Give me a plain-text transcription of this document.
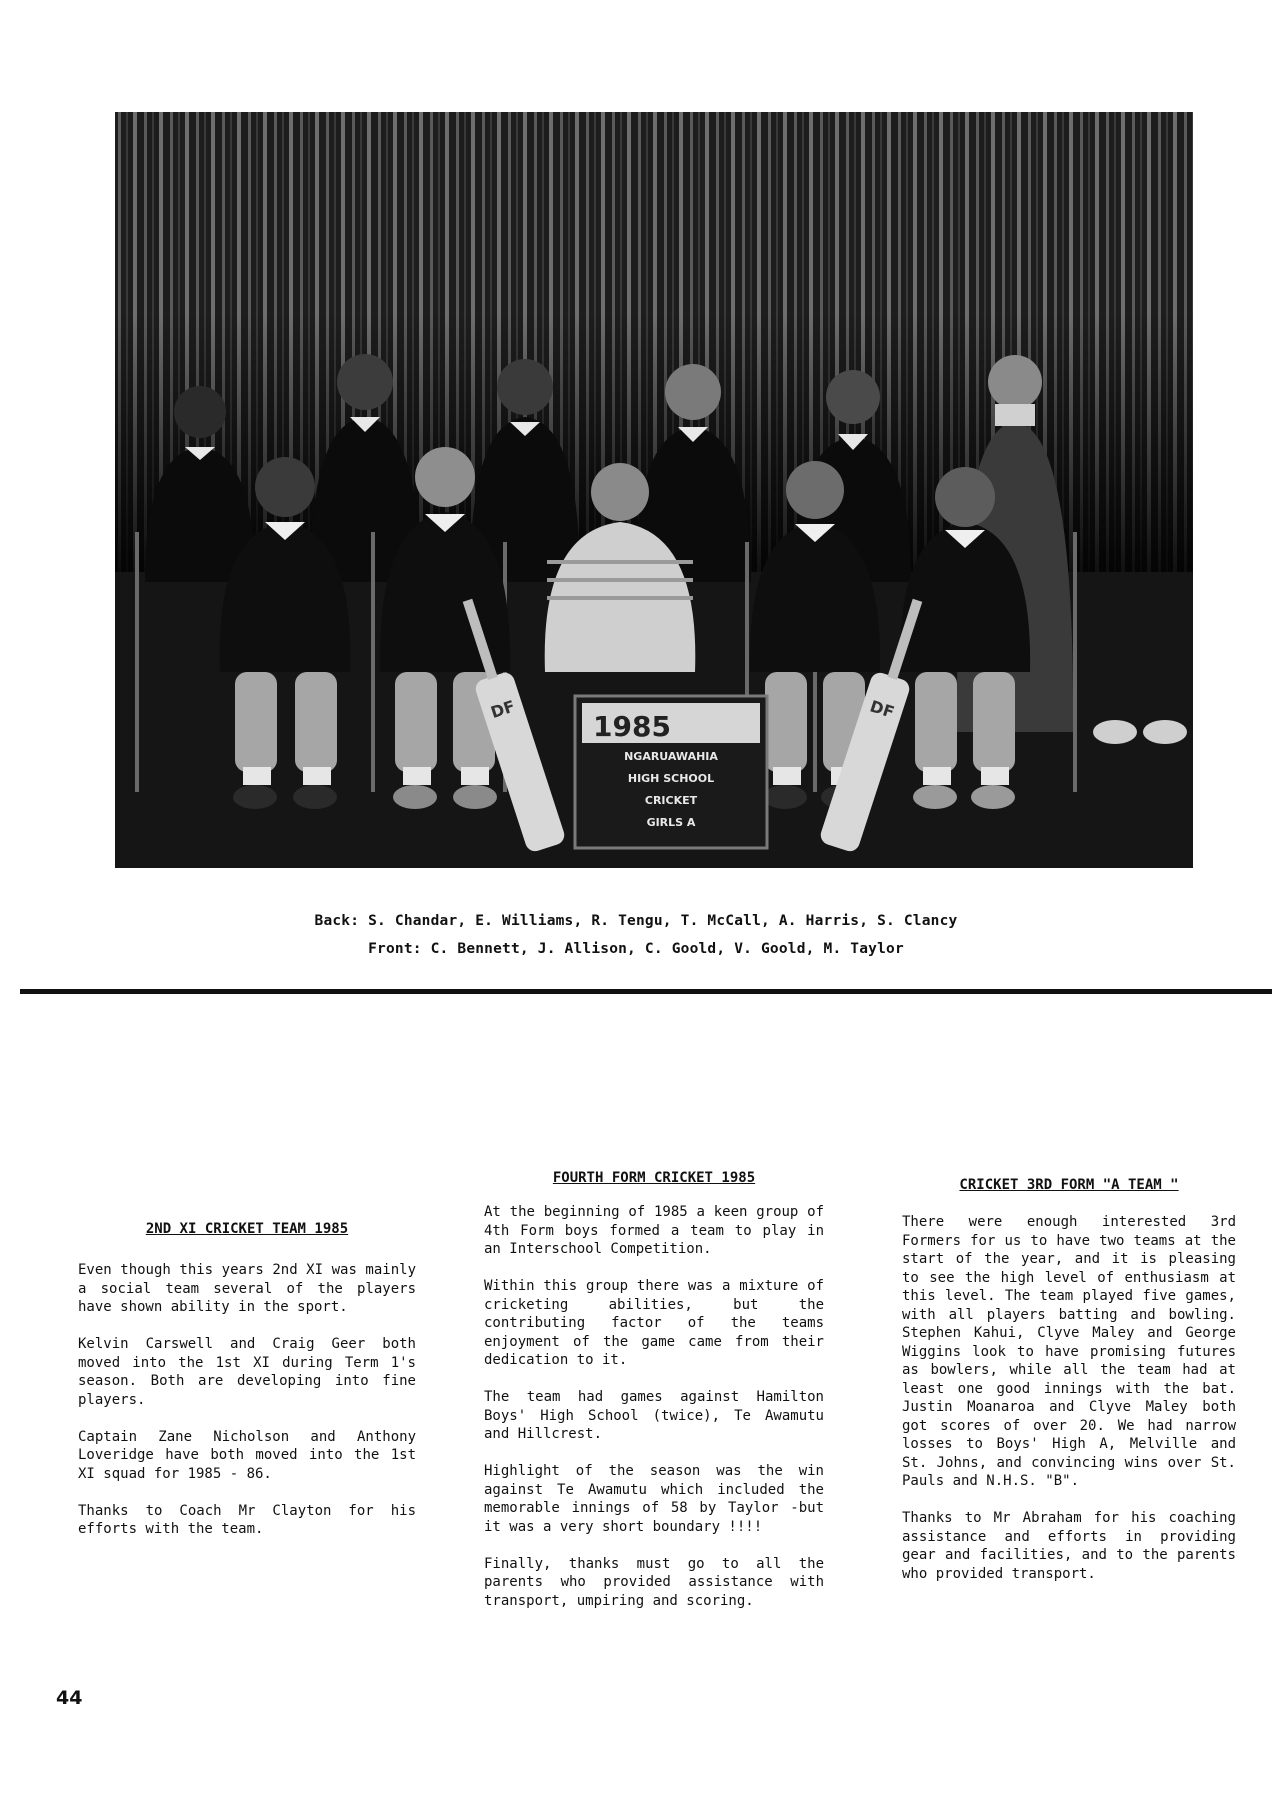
DF	DF
1985
NGARUAWAHIA
HIGH SCHOOL
CRICKET
GIRLS A
Back: S. Chandar, E. Williams, R. Tengu, T. McCall, A. Harris, S. Clancy
Front: C. Bennett, J. Allison, C. Goold, V. Goold, M. Taylor
2ND XI CRICKET TEAM 1985

Even though this years 2nd XI was mainly a social team several of the players have shown ability in the sport.

Kelvin Carswell and Craig Geer both moved into the 1st XI during Term 1's season. Both are developing into fine players.

Captain Zane Nicholson and Anthony Loveridge have both moved into the 1st XI squad for 1985 - 86.

Thanks to Coach Mr Clayton for his efforts with the team.

FOURTH FORM CRICKET 1985

At the beginning of 1985 a keen group of 4th Form boys formed a team to play in an Interschool Competition.

Within this group there was a mixture of cricketing abilities, but the contributing factor of the teams enjoyment of the game came from their dedication to it.

The team had games against Hamilton Boys' High School (twice), Te Awamutu and Hillcrest.

Highlight of the season was the win against Te Awamutu which included the memorable innings of 58 by Taylor -but it was a very short boundary !!!!

Finally, thanks must go to all the parents who provided assistance with transport, umpiring and scoring.

CRICKET 3RD FORM "A TEAM "

There were enough interested 3rd Formers for us to have two teams at the start of the year, and it is pleasing to see the high level of enthusiasm at this level. The team played five games, with all players batting and bowling. Stephen Kahui, Clyve Maley and George Wiggins look to have promising futures as bowlers, while all the team had at least one good innings with the bat. Justin Moanaroa and Clyve Maley both got scores of over 20. We had narrow losses to Boys' High A, Melville and St. Johns, and convincing wins over St. Pauls and N.H.S. "B".

Thanks to Mr Abraham for his coaching assistance and efforts in providing gear and facilities, and to the parents who provided transport.

44
